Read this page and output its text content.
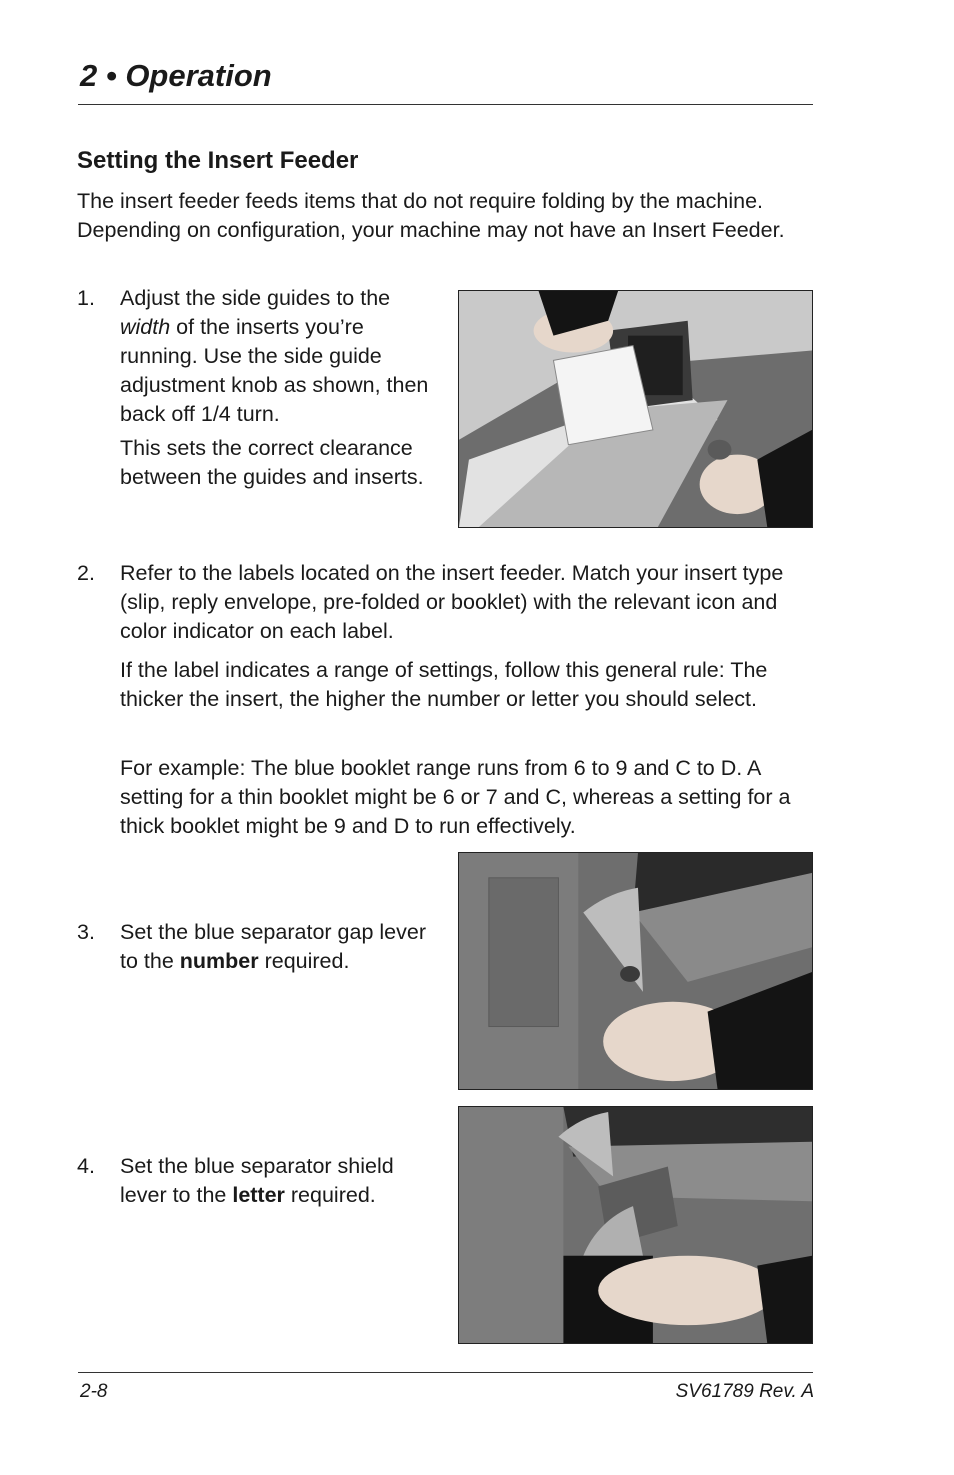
2 • Operation
Setting the Insert Feeder

The insert feeder feeds items that do not require folding by the machine. Depending on configuration, your machine may not have an Insert Feeder.

1. Adjust the side guides to the width of the inserts you’re running. Use the side guide adjustment knob as shown, then back off 1/4 turn.

This sets the correct clearance between the guides and inserts.

2. Refer to the labels located on the insert feeder. Match your insert type (slip, reply envelope, pre-folded or booklet) with the relevant icon and color indicator on each label.

If the label indicates a range of settings, follow this general rule: The thicker the insert, the higher the number or letter you should select.

For example: The blue booklet range runs from 6 to 9 and C to D. A setting for a thin booklet might be 6 or 7 and C, whereas a setting for a thick booklet might be 9 and D to run effectively.

3. Set the blue separator gap lever to the number required.

4. Set the blue separator shield lever to the letter required.

2-8	SV61789 Rev. A
